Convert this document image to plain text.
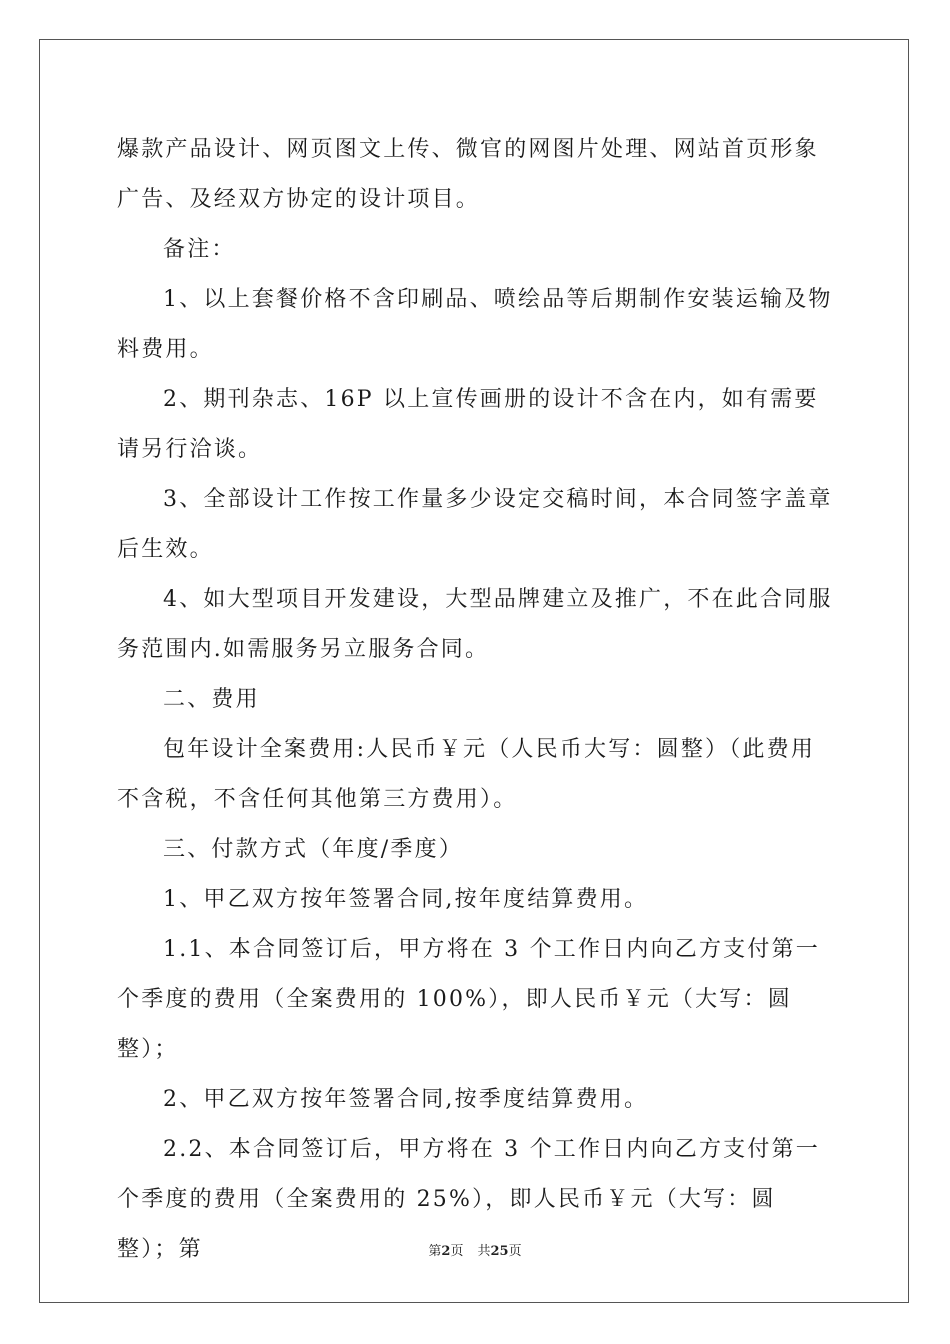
爆款产品设计、网页图文上传、微官的网图片处理、网站首页形象广告、及经双方协定的设计项目。

备注：

1、以上套餐价格不含印刷品、喷绘品等后期制作安装运输及物料费用。

2、期刊杂志、16P 以上宣传画册的设计不含在内，如有需要请另行洽谈。

3、全部设计工作按工作量多少设定交稿时间，本合同签字盖章后生效。

4、如大型项目开发建设，大型品牌建立及推广，不在此合同服务范围内.如需服务另立服务合同。

二、费用

包年设计全案费用:人民币￥元（人民币大写：圆整）（此费用不含税，不含任何其他第三方费用）。

三、付款方式（年度/季度）

1、甲乙双方按年签署合同,按年度结算费用。

1.1、本合同签订后，甲方将在 3 个工作日内向乙方支付第一个季度的费用（全案费用的 100%），即人民币￥元（大写：圆整）；

2、甲乙双方按年签署合同,按季度结算费用。

2.2、本合同签订后，甲方将在 3 个工作日内向乙方支付第一个季度的费用（全案费用的 25%），即人民币￥元（大写：圆整）；第	第2页 共25页
